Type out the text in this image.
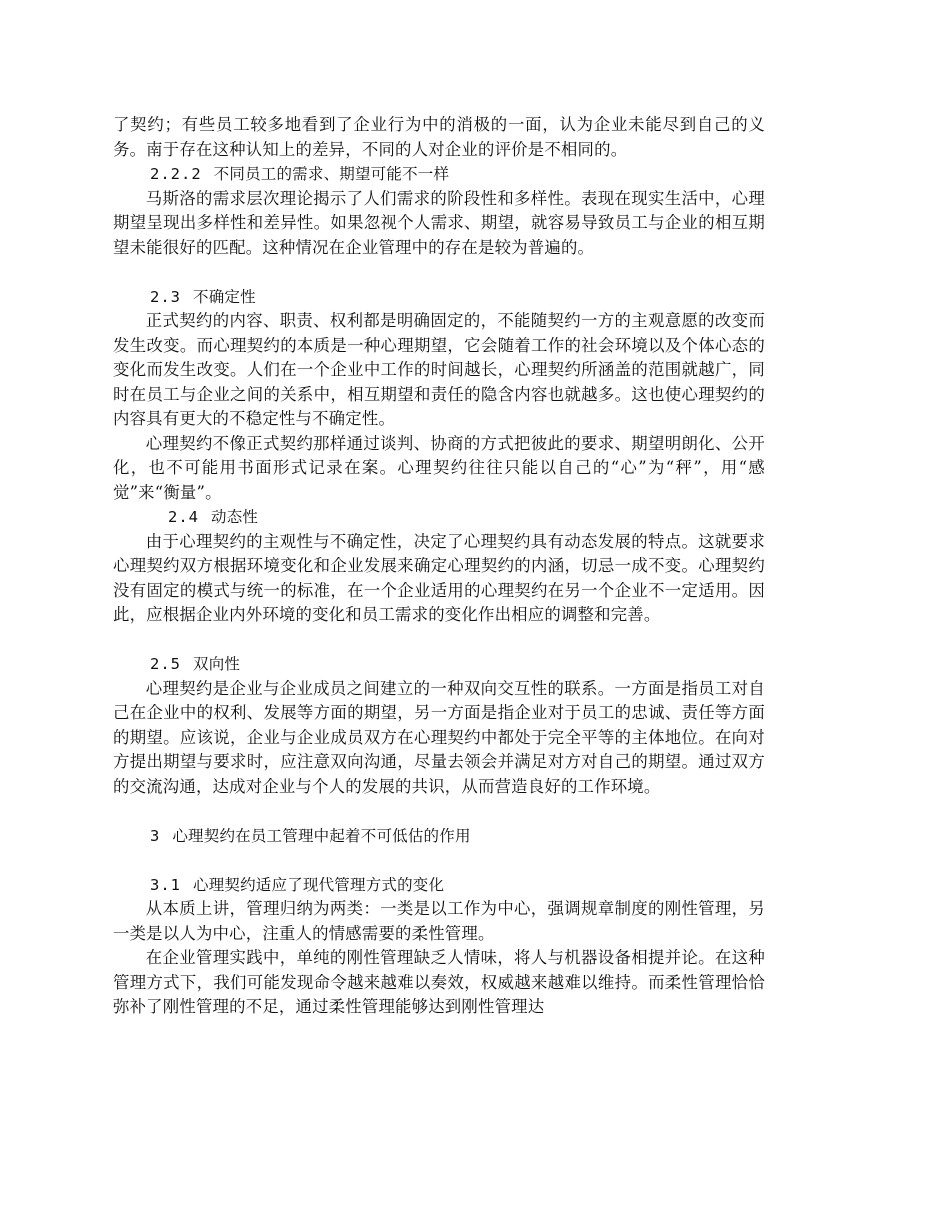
了契约；有些员工较多地看到了企业行为中的消极的一面，认为企业未能尽到自己的义务。南于存在这种认知上的差异，不同的人对企业的评价是不相同的。

2.2.2 不同员工的需求、期望可能不一样

马斯洛的需求层次理论揭示了人们需求的阶段性和多样性。表现在现实生活中，心理期望呈现出多样性和差异性。如果忽视个人需求、期望，就容易导致员工与企业的相互期望未能很好的匹配。这种情况在企业管理中的存在是较为普遍的。

2.3 不确定性

正式契约的内容、职责、权利都是明确固定的，不能随契约一方的主观意愿的改变而发生改变。而心理契约的本质是一种心理期望，它会随着工作的社会环境以及个体心态的变化而发生改变。人们在一个企业中工作的时间越长，心理契约所涵盖的范围就越广，同时在员工与企业之间的关系中，相互期望和责任的隐含内容也就越多。这也使心理契约的内容具有更大的不稳定性与不确定性。

心理契约不像正式契约那样通过谈判、协商的方式把彼此的要求、期望明朗化、公开化，也不可能用书面形式记录在案。心理契约往往只能以自己的“心”为“秤”，用“感觉”来“衡量”。

2.4 动态性

由于心理契约的主观性与不确定性，决定了心理契约具有动态发展的特点。这就要求心理契约双方根据环境变化和企业发展来确定心理契约的内涵，切忌一成不变。心理契约没有固定的模式与统一的标准，在一个企业适用的心理契约在另一个企业不一定适用。因此，应根据企业内外环境的变化和员工需求的变化作出相应的调整和完善。

2.5 双向性

心理契约是企业与企业成员之间建立的一种双向交互性的联系。一方面是指员工对自己在企业中的权利、发展等方面的期望，另一方面是指企业对于员工的忠诚、责任等方面的期望。应该说，企业与企业成员双方在心理契约中都处于完全平等的主体地位。在向对方提出期望与要求时，应注意双向沟通，尽量去领会并满足对方对自己的期望。通过双方的交流沟通，达成对企业与个人的发展的共识，从而营造良好的工作环境。

3 心理契约在员工管理中起着不可低估的作用
3.1 心理契约适应了现代管理方式的变化

从本质上讲，管理归纳为两类：一类是以工作为中心，强调规章制度的刚性管理，另一类是以人为中心，注重人的情感需要的柔性管理。

在企业管理实践中，单纯的刚性管理缺乏人情味，将人与机器设备相提并论。在这种管理方式下，我们可能发现命令越来越难以奏效，权威越来越难以维持。而柔性管理恰恰弥补了刚性管理的不足，通过柔性管理能够达到刚性管理达
